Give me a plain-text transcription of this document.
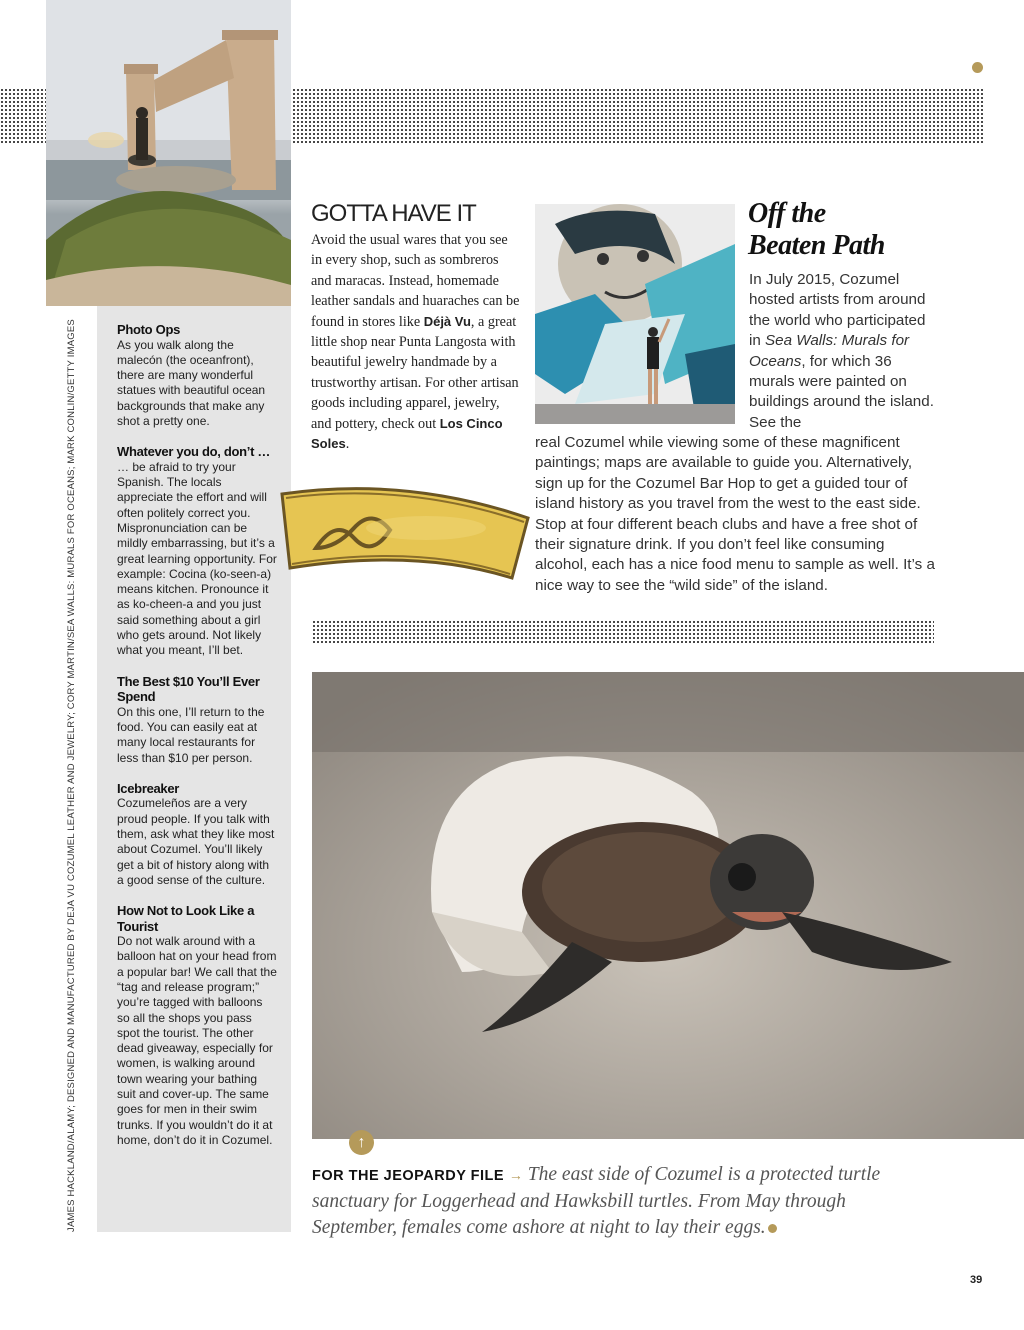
JAMES HACKLAND/ALAMY; DESIGNED AND MANUFACTURED BY DEJA VU COZUMEL LEATHER AND JEWELRY; CORY MARTIN/SEA WALLS: MURALS FOR OCEANS; MARK CONLIN/GETTY IMAGES	Photo Ops
As you walk along the malecón (the oceanfront), there are many wonderful statues with beautiful ocean backgrounds that make any shot a pretty one.
Whatever you do, don’t …
… be afraid to try your Spanish. The locals appreciate the effort and will often politely correct you. Mispronunciation can be mildly embarrassing, but it’s a great learning opportunity. For example: Cocina (ko-seen-a) means kitchen. Pronounce it as ko-cheen-a and you just said something about a girl who gets around. Not likely what you meant, I’ll bet.
The Best $10 You’ll Ever Spend
On this one, I’ll return to the food. You can easily eat at many local restaurants for less than $10 per person.
Icebreaker
Cozumeleños are a very proud people. If you talk with them, ask what they like most about Cozumel. You’ll likely get a bit of history along with a good sense of the culture.
How Not to Look Like a Tourist
Do not walk around with a balloon hat on your head from a popular bar! We call that the “tag and release program;” you’re tagged with balloons so all the shops you pass spot the tourist. The other dead giveaway, especially for women, is walking around town wearing your bathing suit and cover-up. The same goes for men in their swim trunks. If you wouldn’t do it at home, don’t do it in Cozumel.
GOTTA HAVE IT
Avoid the usual wares that you see in every shop, such as sombreros and maracas. Instead, homemade leather sandals and huaraches can be found in stores like Déjà Vu, a great little shop near Punta Langosta with beautiful jewelry handmade by a trustworthy artisan. For other artisan goods including apparel, jewelry, and pottery, check out Los Cinco Soles.
Off the
Beaten Path
In July 2015, Cozumel hosted artists from around the world who participated in Sea Walls: Murals for Oceans, for which 36 murals were painted on buildings around the island. See the
real Cozumel while viewing some of these magnificent paintings; maps are available to guide you. Alternatively, sign up for the Cozumel Bar Hop to get a guided tour of island history as you travel from the west to the east side. Stop at four different beach clubs and have a free shot of their signature drink. If you don’t feel like consuming alcohol, each has a nice food menu to sample as well. It’s a nice way to see the “wild side” of the island.
↑
FOR THE JEOPARDY FILE → The east side of Cozumel is a protected turtle sanctuary for Loggerhead and Hawksbill turtles. From May through September, females come ashore at night to lay their eggs.
39
